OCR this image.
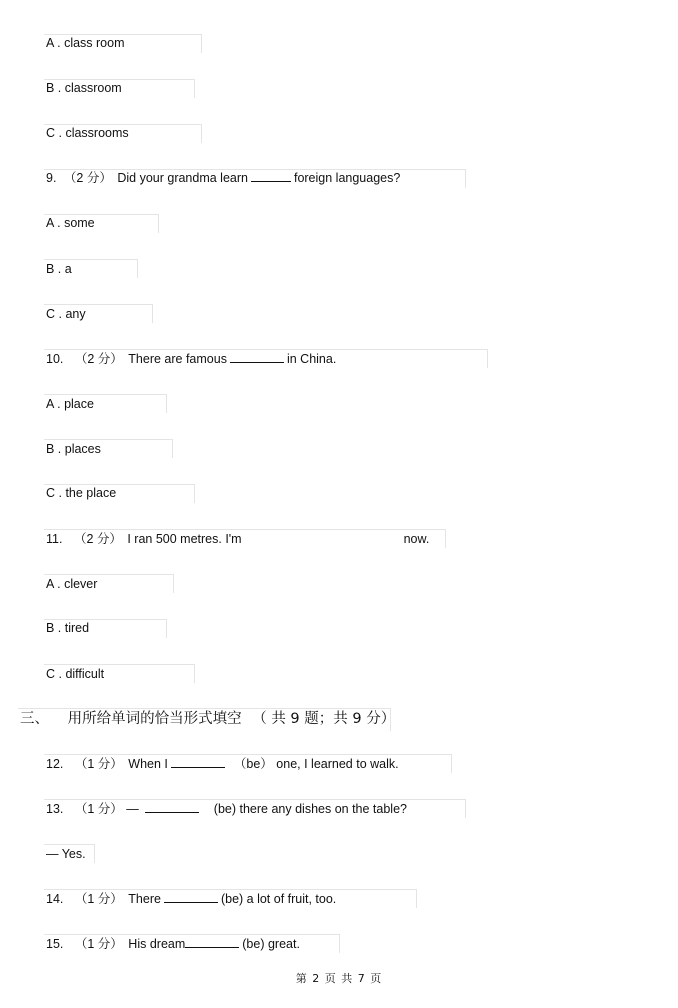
A . class room
B . classroom
C . classrooms
9. （2 分） Did your grandma learn	foreign languages?
A . some
B . a
C . any
10. （2 分） There are famous	in China.
A . place
B . places
C . the place
11. （2 分） I ran 500 metres. I'm	now.
A . clever
B . tired
C . difficult
三、 用所给单词的恰当形式填空 （ 共 9 题；共 9 分）
12. （1 分） When I	（be） one, I learned to walk.
13. （1 分） —	(be) there any dishes on the table?
— Yes.
14. （1 分） There	(be) a lot of fruit, too.
15. （1 分） His dream	(be) great.
第 2 页 共 7 页
